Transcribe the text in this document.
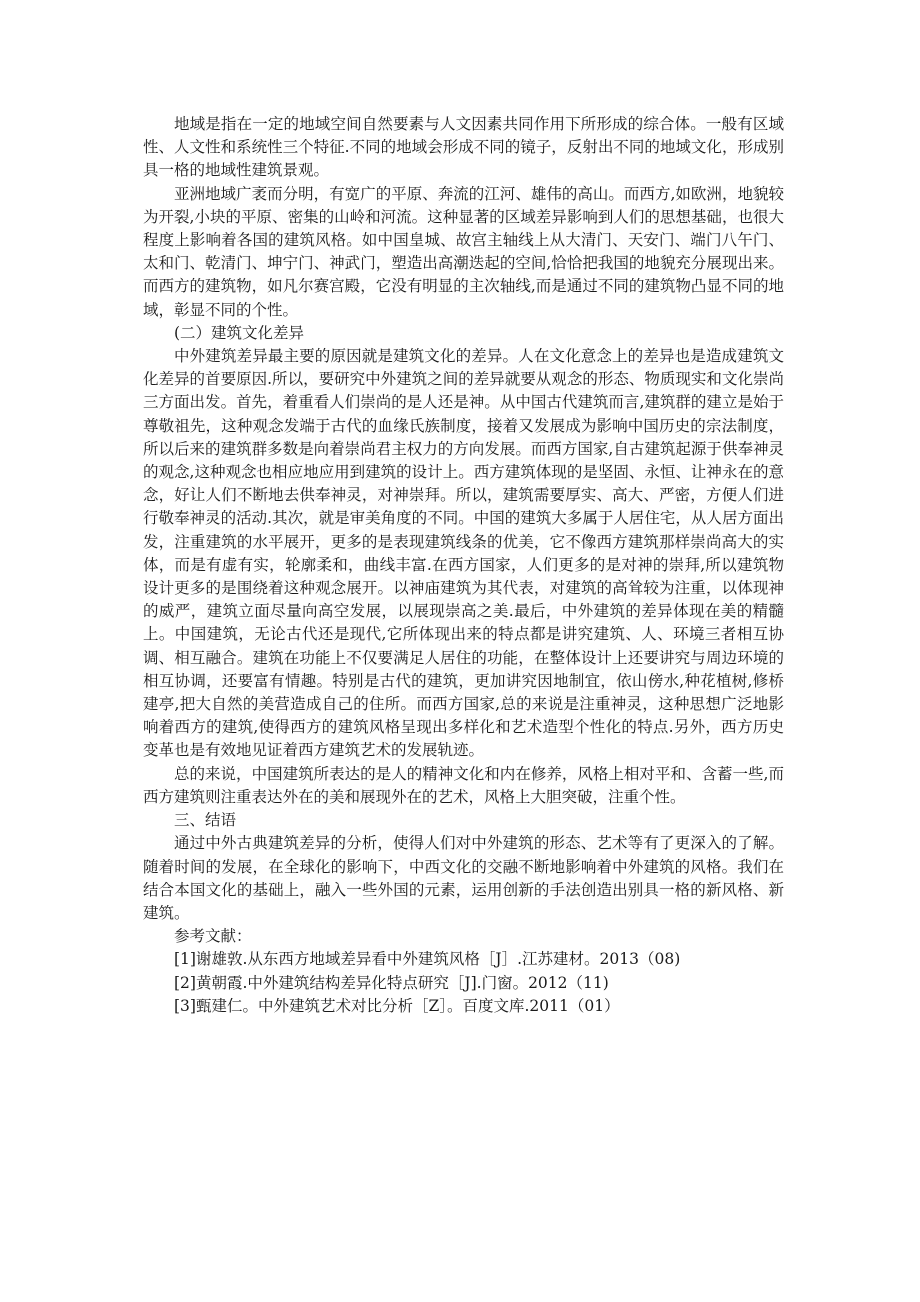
地域是指在一定的地域空间自然要素与人文因素共同作用下所形成的综合体。一般有区域性、人文性和系统性三个特征.不同的地域会形成不同的镜子，反射出不同的地域文化，形成别具一格的地域性建筑景观。

亚洲地域广袤而分明，有宽广的平原、奔流的江河、雄伟的高山。而西方,如欧洲，地貌较为开裂,小块的平原、密集的山岭和河流。这种显著的区域差异影响到人们的思想基础，也很大程度上影响着各国的建筑风格。如中国皇城、故宫主轴线上从大清门、天安门、端门八午门、太和门、乾清门、坤宁门、神武门，塑造出高潮迭起的空间,恰恰把我国的地貌充分展现出来。而西方的建筑物，如凡尔赛宫殿，它没有明显的主次轴线,而是通过不同的建筑物凸显不同的地域，彰显不同的个性。

(二）建筑文化差异

中外建筑差异最主要的原因就是建筑文化的差异。人在文化意念上的差异也是造成建筑文化差异的首要原因.所以，要研究中外建筑之间的差异就要从观念的形态、物质现实和文化崇尚三方面出发。首先，着重看人们崇尚的是人还是神。从中国古代建筑而言,建筑群的建立是始于尊敬祖先，这种观念发端于古代的血缘氏族制度，接着又发展成为影响中国历史的宗法制度，所以后来的建筑群多数是向着崇尚君主权力的方向发展。而西方国家,自古建筑起源于供奉神灵的观念,这种观念也相应地应用到建筑的设计上。西方建筑体现的是坚固、永恒、让神永在的意念，好让人们不断地去供奉神灵，对神崇拜。所以，建筑需要厚实、高大、严密，方便人们进行敬奉神灵的活动.其次，就是审美角度的不同。中国的建筑大多属于人居住宅，从人居方面出发，注重建筑的水平展开，更多的是表现建筑线条的优美，它不像西方建筑那样崇尚高大的实体，而是有虚有实，轮廓柔和，曲线丰富.在西方国家，人们更多的是对神的崇拜,所以建筑物设计更多的是围绕着这种观念展开。以神庙建筑为其代表，对建筑的高耸较为注重，以体现神的威严，建筑立面尽量向高空发展，以展现崇高之美.最后，中外建筑的差异体现在美的精髓上。中国建筑，无论古代还是现代,它所体现出来的特点都是讲究建筑、人、环境三者相互协调、相互融合。建筑在功能上不仅要满足人居住的功能，在整体设计上还要讲究与周边环境的相互协调，还要富有情趣。特别是古代的建筑，更加讲究因地制宜，依山傍水,种花植树,修桥建亭,把大自然的美营造成自己的住所。而西方国家,总的来说是注重神灵，这种思想广泛地影响着西方的建筑,使得西方的建筑风格呈现出多样化和艺术造型个性化的特点.另外，西方历史变革也是有效地见证着西方建筑艺术的发展轨迹。

总的来说，中国建筑所表达的是人的精神文化和内在修养，风格上相对平和、含蓄一些,而西方建筑则注重表达外在的美和展现外在的艺术，风格上大胆突破，注重个性。

三、结语

通过中外古典建筑差异的分析，使得人们对中外建筑的形态、艺术等有了更深入的了解。随着时间的发展，在全球化的影响下，中西文化的交融不断地影响着中外建筑的风格。我们在结合本国文化的基础上，融入一些外国的元素，运用创新的手法创造出别具一格的新风格、新建筑。

参考文献：

[1]谢雄敦.从东西方地域差异看中外建筑风格［J］.江苏建材。2013（08)
[2]黄朝霞.中外建筑结构差异化特点研究［J].门窗。2012（11)
[3]甄建仁。中外建筑艺术对比分析［Z］。百度文库.2011（01）
